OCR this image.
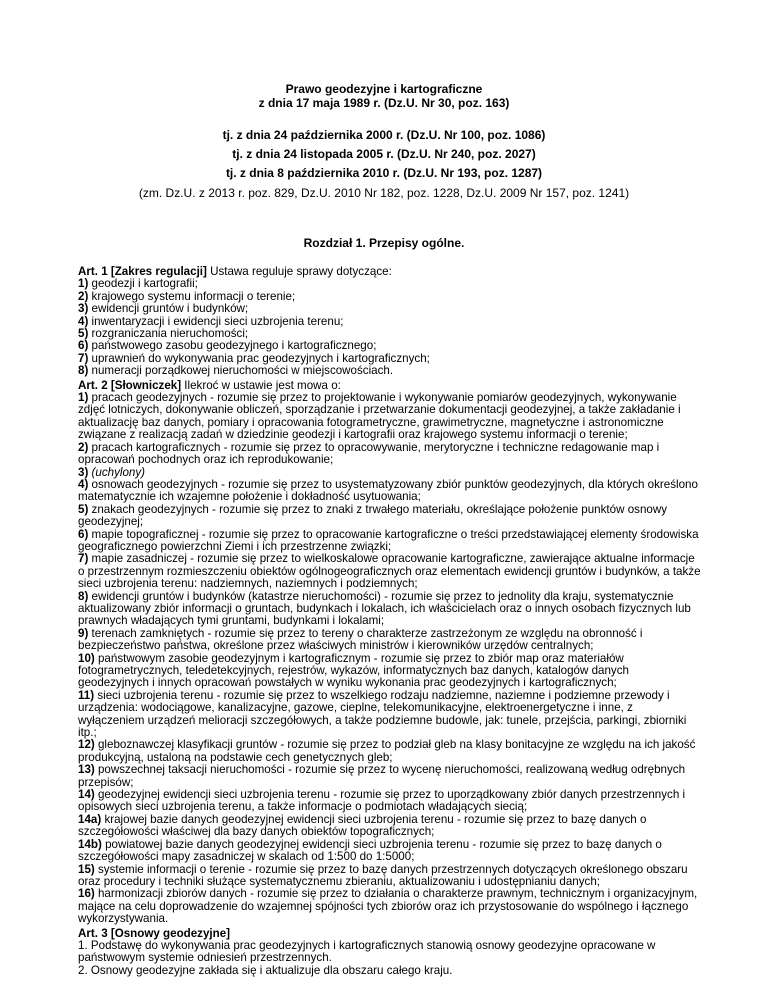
Prawo geodezyjne i kartograficzne
z dnia 17 maja 1989 r. (Dz.U. Nr 30, poz. 163)
tj. z dnia 24 października 2000 r. (Dz.U. Nr 100, poz. 1086)
tj. z dnia 24 listopada 2005 r. (Dz.U. Nr 240, poz. 2027)
tj. z dnia 8 października 2010 r. (Dz.U. Nr 193, poz. 1287)
(zm. Dz.U. z 2013 r. poz. 829, Dz.U. 2010 Nr 182, poz. 1228, Dz.U. 2009 Nr 157, poz. 1241)
Rozdział 1. Przepisy ogólne.
Art. 1 [Zakres regulacji] Ustawa reguluje sprawy dotyczące:
1) geodezji i kartografii;
2) krajowego systemu informacji o terenie;
3) ewidencji gruntów i budynków;
4) inwentaryzacji i ewidencji sieci uzbrojenia terenu;
5) rozgraniczania nieruchomości;
6) państwowego zasobu geodezyjnego i kartograficznego;
7) uprawnień do wykonywania prac geodezyjnych i kartograficznych;
8) numeracji porządkowej nieruchomości w miejscowościach.
Art. 2 [Słowniczek] Ilekroć w ustawie jest mowa o:
1) pracach geodezyjnych - rozumie się przez to projektowanie i wykonywanie pomiarów geodezyjnych, wykonywanie zdjęć lotniczych, dokonywanie obliczeń, sporządzanie i przetwarzanie dokumentacji geodezyjnej, a także zakładanie i aktualizację baz danych, pomiary i opracowania fotogrametryczne, grawimetryczne, magnetyczne i astronomiczne związane z realizacją zadań w dziedzinie geodezji i kartografii oraz krajowego systemu informacji o terenie;
2) pracach kartograficznych - rozumie się przez to opracowywanie, merytoryczne i techniczne redagowanie map i opracowań pochodnych oraz ich reprodukowanie;
3) (uchylony)
4) osnowach geodezyjnych - rozumie się przez to usystematyzowany zbiór punktów geodezyjnych, dla których określono matematycznie ich wzajemne położenie i dokładność usytuowania;
5) znakach geodezyjnych - rozumie się przez to znaki z trwałego materiału, określające położenie punktów osnowy geodezyjnej;
6) mapie topograficznej - rozumie się przez to opracowanie kartograficzne o treści przedstawiającej elementy środowiska geograficznego powierzchni Ziemi i ich przestrzenne związki;
7) mapie zasadniczej - rozumie się przez to wielkoskalowe opracowanie kartograficzne, zawierające aktualne informacje o przestrzennym rozmieszczeniu obiektów ogólnogeograficznych oraz elementach ewidencji gruntów i budynków, a także sieci uzbrojenia terenu: nadziemnych, naziemnych i podziemnych;
8) ewidencji gruntów i budynków (katastrze nieruchomości) - rozumie się przez to jednolity dla kraju, systematycznie aktualizowany zbiór informacji o gruntach, budynkach i lokalach, ich właścicielach oraz o innych osobach fizycznych lub prawnych władających tymi gruntami, budynkami i lokalami;
9) terenach zamkniętych - rozumie się przez to tereny o charakterze zastrzeżonym ze względu na obronność i bezpieczeństwo państwa, określone przez właściwych ministrów i kierowników urzędów centralnych;
10) państwowym zasobie geodezyjnym i kartograficznym - rozumie się przez to zbiór map oraz materiałów fotogrametrycznych, teledetekcyjnych, rejestrów, wykazów, informatycznych baz danych, katalogów danych geodezyjnych i innych opracowań powstałych w wyniku wykonania prac geodezyjnych i kartograficznych;
11) sieci uzbrojenia terenu - rozumie się przez to wszelkiego rodzaju nadziemne, naziemne i podziemne przewody i urządzenia: wodociągowe, kanalizacyjne, gazowe, cieplne, telekomunikacyjne, elektroenergetyczne i inne, z wyłączeniem urządzeń melioracji szczegółowych, a także podziemne budowle, jak: tunele, przejścia, parkingi, zbiorniki itp.;
12) gleboznawczej klasyfikacji gruntów - rozumie się przez to podział gleb na klasy bonitacyjne ze względu na ich jakość produkcyjną, ustaloną na podstawie cech genetycznych gleb;
13) powszechnej taksacji nieruchomości - rozumie się przez to wycenę nieruchomości, realizowaną według odrębnych przepisów;
14) geodezyjnej ewidencji sieci uzbrojenia terenu - rozumie się przez to uporządkowany zbiór danych przestrzennych i opisowych sieci uzbrojenia terenu, a także informacje o podmiotach władających siecią;
14a) krajowej bazie danych geodezyjnej ewidencji sieci uzbrojenia terenu - rozumie się przez to bazę danych o szczegółowości właściwej dla bazy danych obiektów topograficznych;
14b) powiatowej bazie danych geodezyjnej ewidencji sieci uzbrojenia terenu - rozumie się przez to bazę danych o szczegółowości mapy zasadniczej w skalach od 1:500 do 1:5000;
15) systemie informacji o terenie - rozumie się przez to bazę danych przestrzennych dotyczących określonego obszaru oraz procedury i techniki służące systematycznemu zbieraniu, aktualizowaniu i udostępnianiu danych;
16) harmonizacji zbiorów danych - rozumie się przez to działania o charakterze prawnym, technicznym i organizacyjnym, mające na celu doprowadzenie do wzajemnej spójności tych zbiorów oraz ich przystosowanie do wspólnego i łącznego wykorzystywania.
Art. 3 [Osnowy geodezyjne]
1. Podstawę do wykonywania prac geodezyjnych i kartograficznych stanowią osnowy geodezyjne opracowane w państwowym systemie odniesień przestrzennych.
2. Osnowy geodezyjne zakłada się i aktualizuje dla obszaru całego kraju.
